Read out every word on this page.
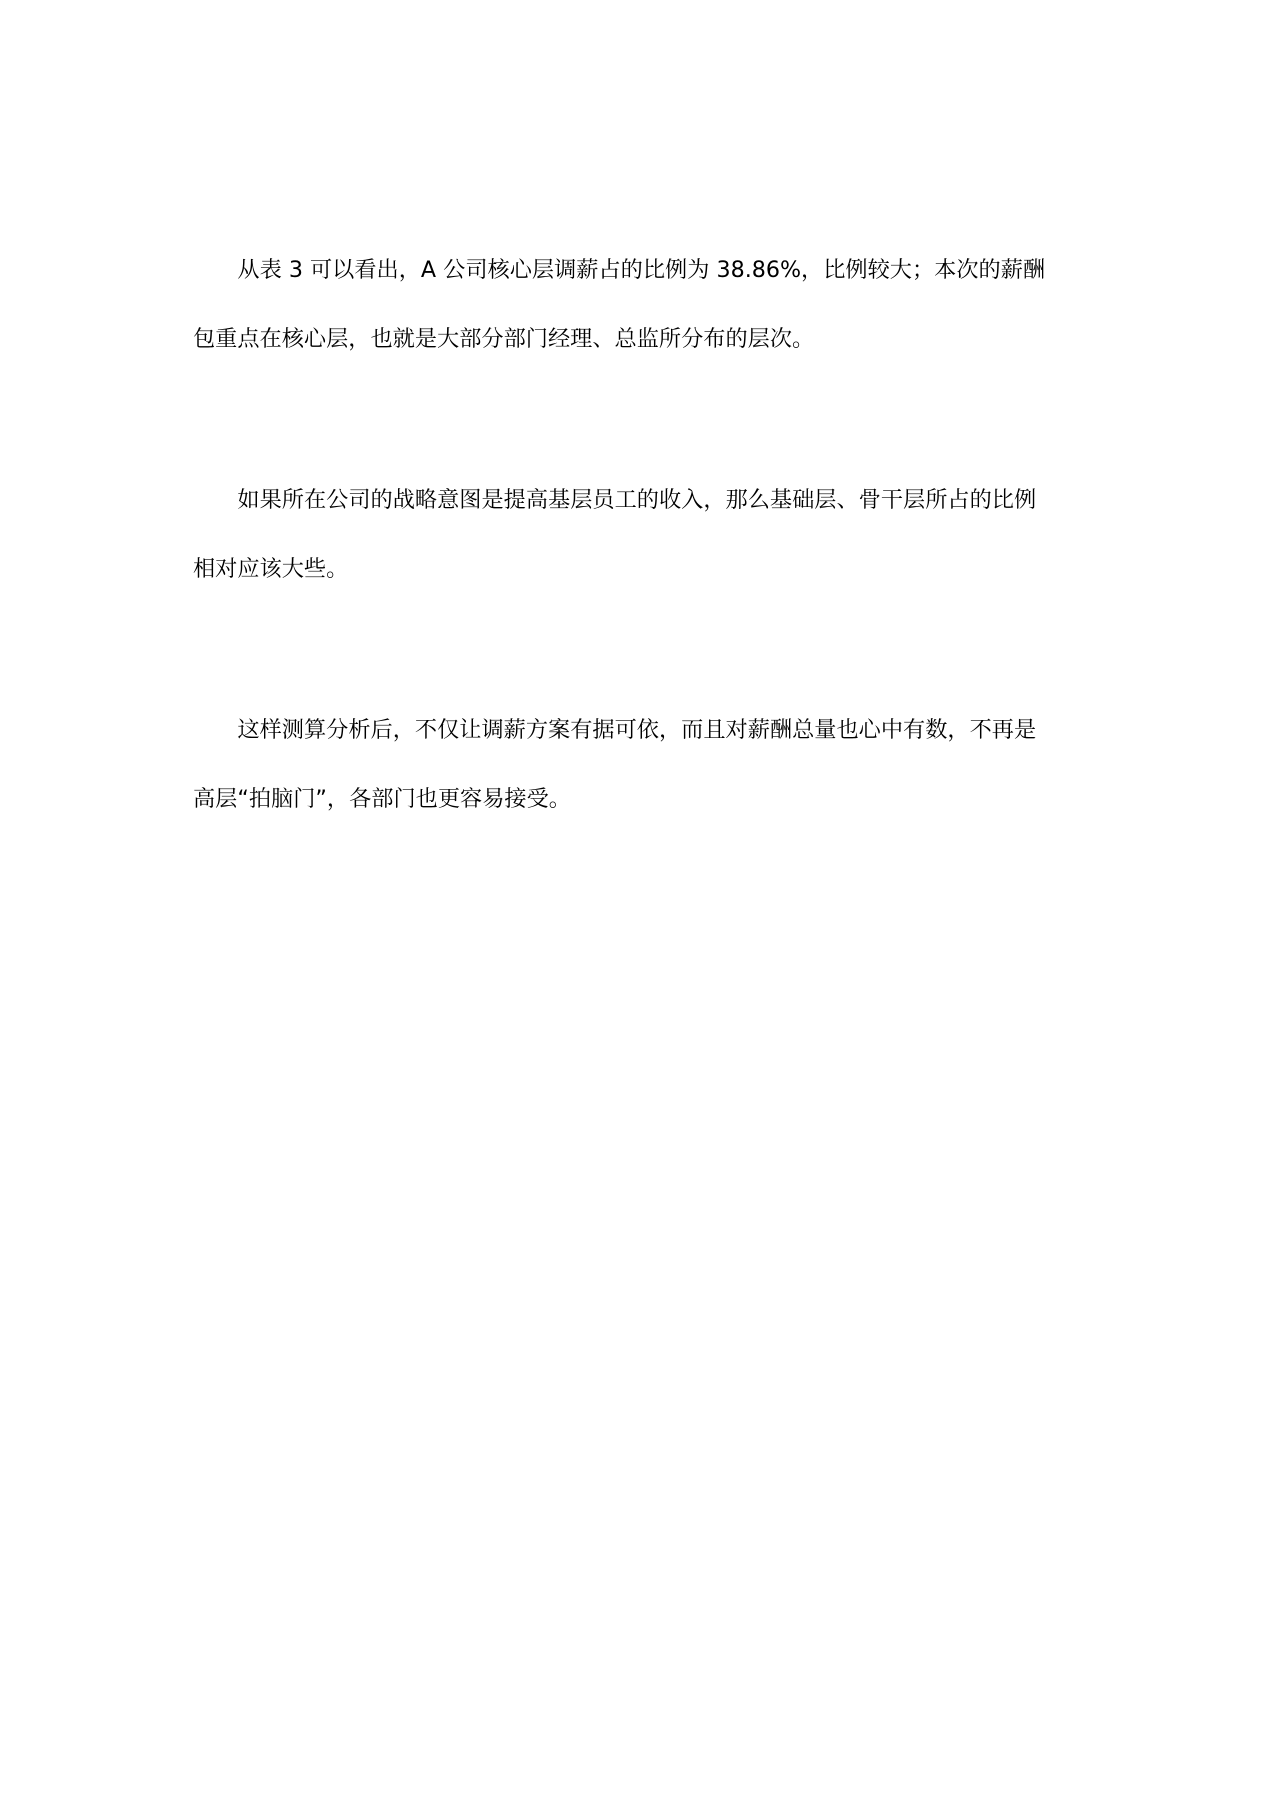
从表 3 可以看出，A 公司核心层调薪占的比例为 38.86%，比例较大；本次的薪酬
包重点在核心层，也就是大部分部门经理、总监所分布的层次。

如果所在公司的战略意图是提高基层员工的收入，那么基础层、骨干层所占的比例
相对应该大些。

这样测算分析后，不仅让调薪方案有据可依，而且对薪酬总量也心中有数，不再是
高层“拍脑门”，各部门也更容易接受。
